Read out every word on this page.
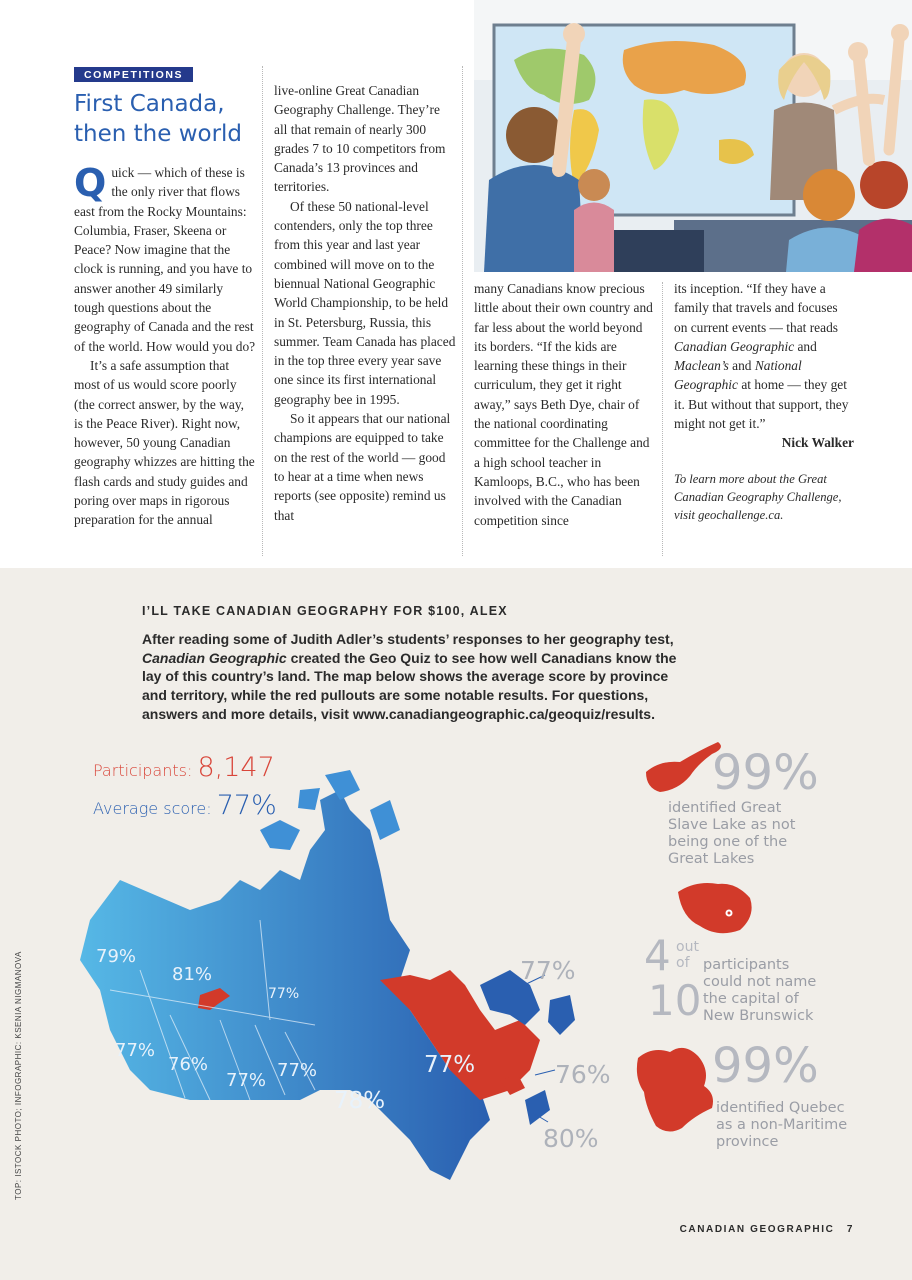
COMPETITIONS
First Canada,
then the world

Quick — which of these is the only river that flows east from the Rocky Mountains: Columbia, Fraser, Skeena or Peace? Now imagine that the clock is running, and you have to answer another 49 similarly tough questions about the geography of Canada and the rest of the world. How would you do?

It’s a safe assumption that most of us would score poorly (the correct answer, by the way, is the Peace River). Right now, however, 50 young Canadian geography whizzes are hitting the flash cards and study guides and poring over maps in rigorous preparation for the annual

live-online Great Canadian Geography Challenge. They’re all that remain of nearly 300 grades 7 to 10 competitors from Canada’s 13 provinces and territories.

Of these 50 national-level contenders, only the top three from this year and last year combined will move on to the biennual National Geographic World Championship, to be held in St. Petersburg, Russia, this summer. Team Canada has placed in the top three every year save one since its first international geography bee in 1995.

So it appears that our national champions are equipped to take on the rest of the world — good to hear at a time when news reports (see opposite) remind us that

many Canadians know precious little about their own country and far less about the world beyond its borders. “If the kids are learning these things in their curriculum, they get it right away,” says Beth Dye, chair of the national coordinating committee for the Challenge and a high school teacher in Kamloops, B.C., who has been involved with the Canadian competition since

its inception. “If they have a family that travels and focuses on current events — that reads Canadian Geographic and Maclean’s and National Geographic at home — they get it. But without that support, they might not get it.”

Nick Walker

To learn more about the Great Canadian Geography Challenge, visit geochallenge.ca.

I’LL TAKE CANADIAN GEOGRAPHY FOR $100, ALEX

After reading some of Judith Adler’s students’ responses to her geography test, Canadian Geographic created the Geo Quiz to see how well Canadians know the lay of this country’s land. The map below shows the average score by province and territory, while the red pullouts are some notable results. For questions, answers and more details, visit www.canadiangeographic.ca/geoquiz/results.

Participants: 8,147
Average score: 77%
79%
81%
77%
77%
76%
77% 77%
78%
77%
77%
76%
80%
99%
identified Great
Slave Lake as not
being one of the
Great Lakes
4 out
of
10
participants
could not name
the capital of
New Brunswick
99%
identified Quebec
as a non-Maritime
province
TOP: ISTOCK PHOTO; INFOGRAPHIC: KSENIA NIGMANOVA
CANADIAN GEOGRAPHIC 7
